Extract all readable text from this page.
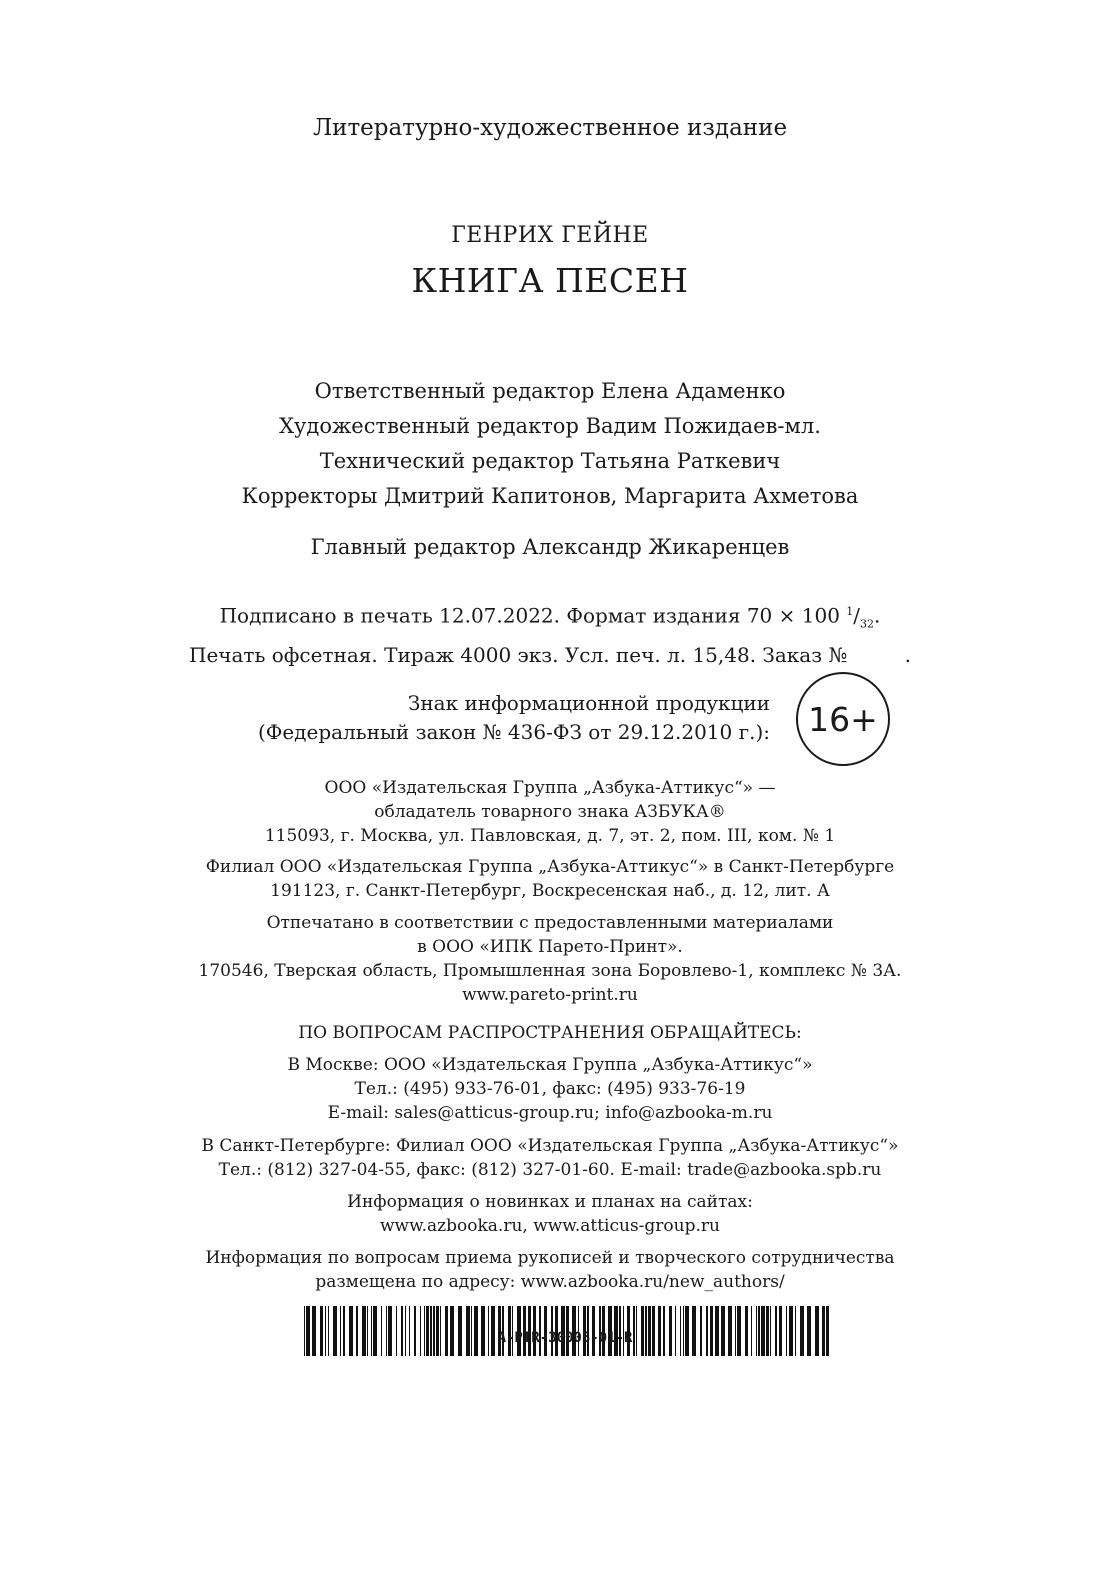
Литературно-художественное издание
ГЕНРИХ ГЕЙНЕ
КНИГА ПЕСЕН
Ответственный редактор Елена Адаменко
Художественный редактор Вадим Пожидаев-мл.
Технический редактор Татьяна Раткевич
Корректоры Дмитрий Капитонов, Маргарита Ахметова
Главный редактор Александр Жикаренцев
Подписано в печать 12.07.2022. Формат издания 70 × 100 $^1/_{32}$.
Печать офсетная. Тираж 4000 экз. Усл. печ. л. 15,48. Заказ №         .
Знак информационной продукции
(Федеральный закон № 436-ФЗ от 29.12.2010 г.):	16+
ООО «Издательская Группа „Азбука-Аттикус“» —
обладатель товарного знака АЗБУКА®
115093, г. Москва, ул. Павловская, д. 7, эт. 2, пом. III, ком. № 1
Филиал ООО «Издательская Группа „Азбука-Аттикус“» в Санкт-Петербурге
191123, г. Санкт-Петербург, Воскресенская наб., д. 12, лит. А
Отпечатано в соответствии с предоставленными материалами
в ООО «ИПК Парето-Принт».
170546, Тверская область, Промышленная зона Боровлево-1, комплекс № 3А.
www.pareto-print.ru
ПО ВОПРОСАМ РАСПРОСТРАНЕНИЯ ОБРАЩАЙТЕСЬ:
В Москве: ООО «Издательская Группа „Азбука-Аттикус“»
Тел.: (495) 933-76-01, факс: (495) 933-76-19
E-mail: sales@atticus-group.ru; info@azbooka-m.ru
В Санкт-Петербурге: Филиал ООО «Издательская Группа „Азбука-Аттикус“»
Тел.: (812) 327-04-55, факс: (812) 327-01-60. E-mail: trade@azbooka.spb.ru
Информация о новинках и планах на сайтах:
www.azbooka.ru, www.atticus-group.ru
Информация по вопросам приема рукописей и творческого сотрудничества
размещена по адресу: www.azbooka.ru/new_authors/
A-PTR-30005-01-R
